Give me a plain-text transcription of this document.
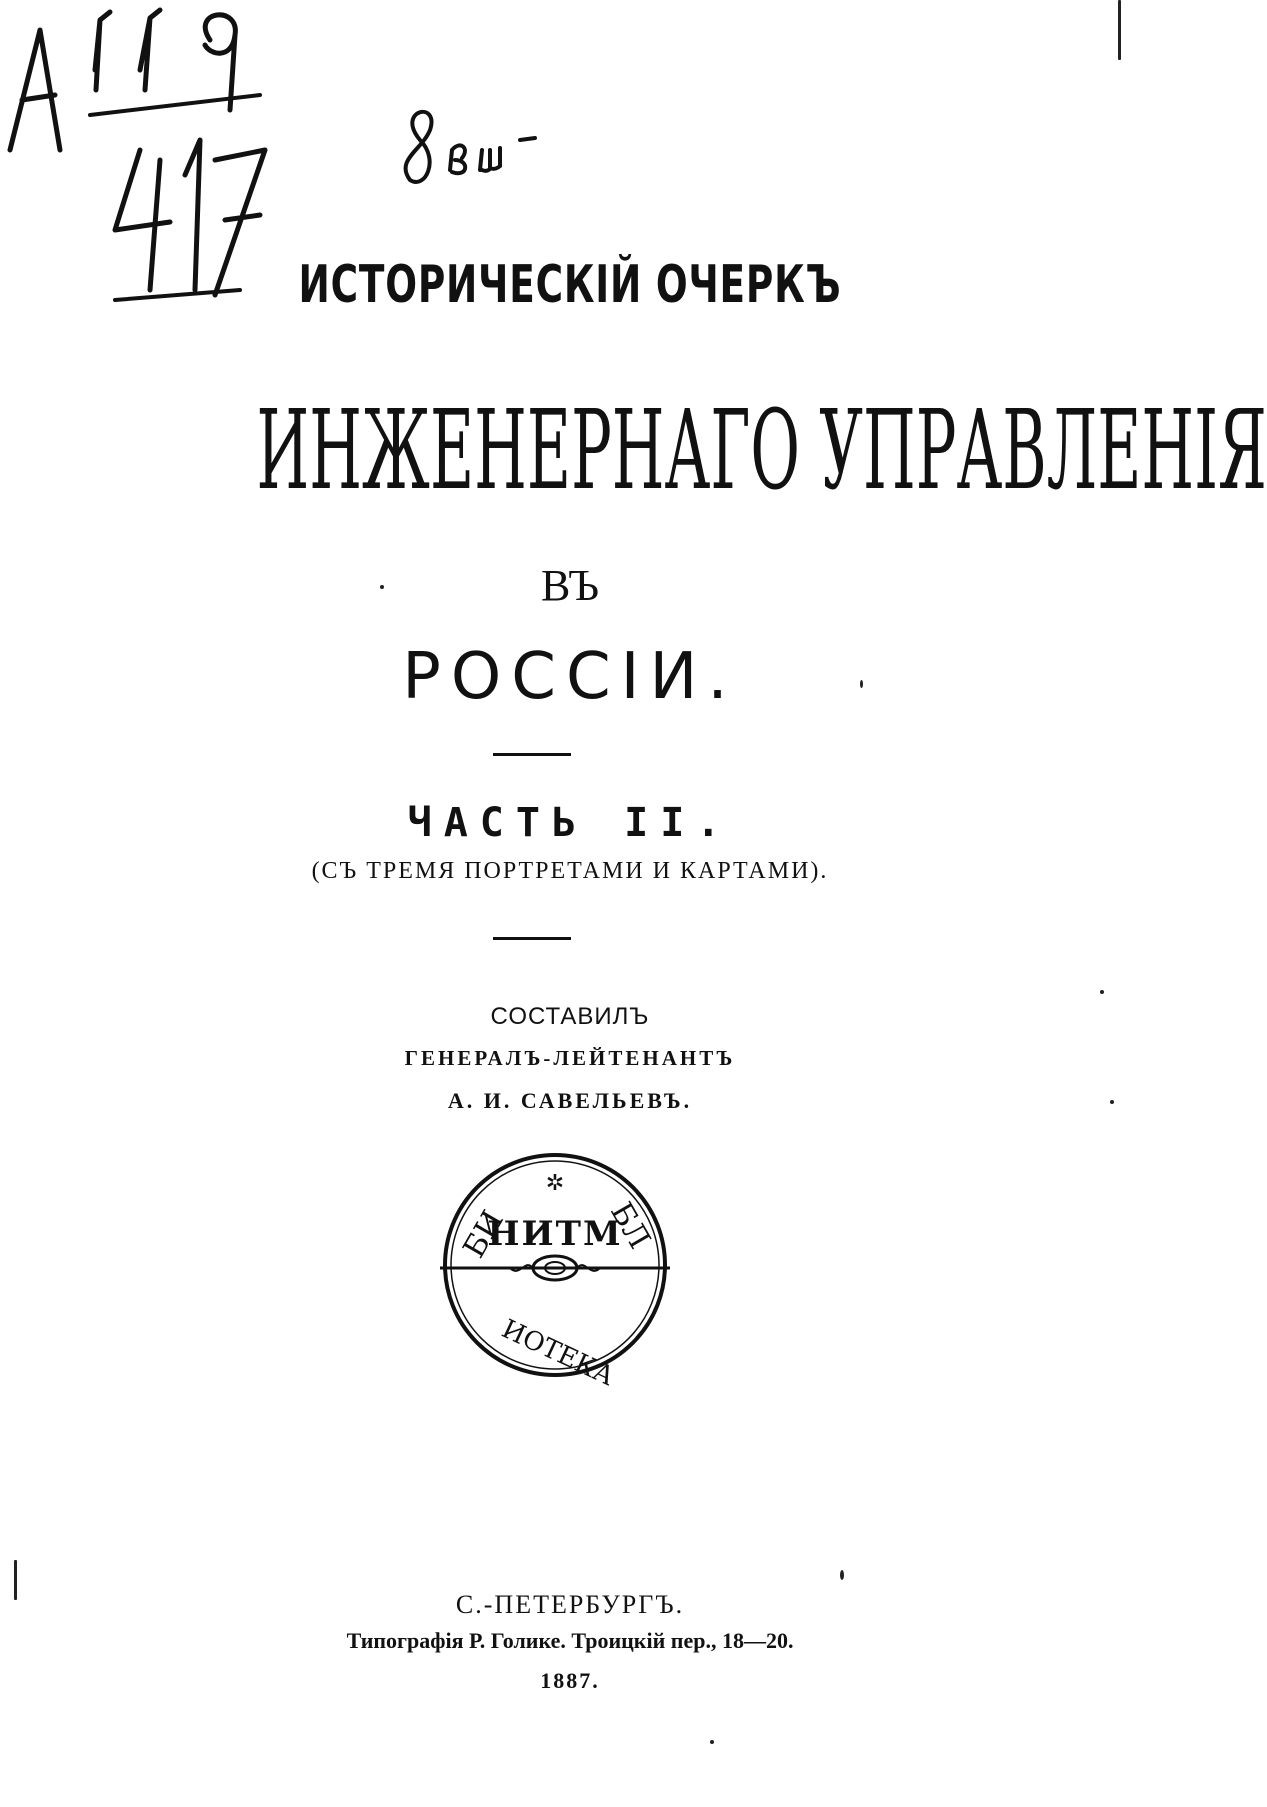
ИСТОРИЧЕСКІЙ ОЧЕРКЪ
ИНЖЕНЕРНАГО УПРАВЛЕНІЯ
ВЪ
РОССІИ.
ЧАСТЬ II.
(СЪ ТРЕМЯ ПОРТРЕТАМИ И КАРТАМИ).
СОСТАВИЛЪ
ГЕНЕРАЛЪ-ЛЕЙТЕНАНТЪ
А. И. САВЕЛЬЕВЪ.
✲
НИТМ
БИ	БЛ
ИОТЕКА
С.-ПЕТЕРБУРГЪ.
Типографія Р. Голике. Троицкій пер., 18—20.
1887.
